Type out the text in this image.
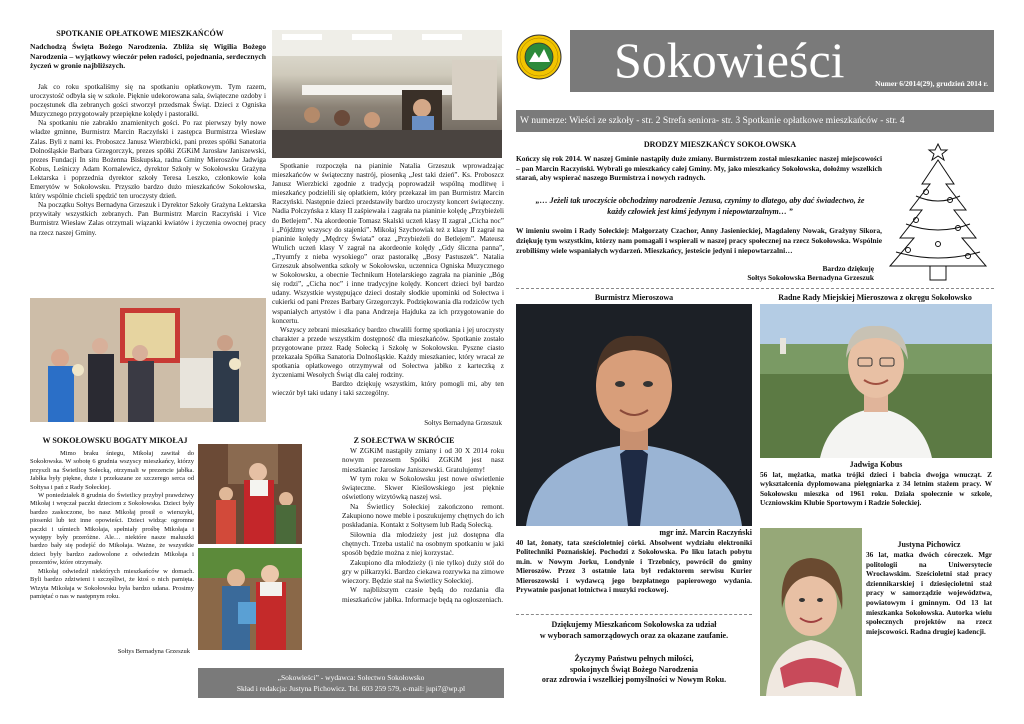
SPOTKANIE OPŁATKOWE MIESZKAŃCÓW
Nadchodzą Święta Bożego Narodzenia. Zbliża się Wigilia Bożego Narodzenia – wyjątkowy wieczór pełen radości, pojednania, serdecznych życzeń w gronie najbliższych.

Jak co roku spotkaliśmy się na spotkaniu opłatkowym. Tym razem, uroczystość odbyła się w szkole. Pięknie udekorowana sala, świąteczne ozdoby i poczęstunek dla zebranych gości stworzył przedsmak Świąt. Dzieci z Ogniska Muzycznego przygotowały przepiękne kolędy i pastorałki.

Na spotkaniu nie zabrakło znamienitych gości. Po raz pierwszy były nowe władze gminne, Burmistrz Marcin Raczyński i zastępca Burmistrza Wiesław Zalas. Byli z nami ks. Proboszcz Janusz Wierzbicki, pani prezes spółki Sanatoria Dolnośląskie Barbara Grzegorczyk, prezes spółki ZGKiM Jarosław Janiszewski, prezes Fundacji In situ Bożenna Biskupska, radna Gminy Mieroszów Jadwiga Kobus, Leśniczy Adam Kornalewicz, dyrektor Szkoły w Sokołowsku Grażyna Lektarska i poprzednia dyrektor szkoły Teresa Leszko, członkowie koła Emerytów w Sokołowsku. Przyszło bardzo dużo mieszkańców Sokołowska, który wspólnie chcieli spędzić ten uroczysty dzień.

Na początku Sołtys Bernadyna Grzeszuk i Dyrektor Szkoły Grażyna Lektarska przywitały wszystkich zebranych. Pan Burmistrz Marcin Raczyński i Vice Burmistrz Wiesław Zalas otrzymali wiązanki kwiatów i życzenia owocnej pracy na rzecz naszej Gminy.

Spotkanie rozpoczęła na pianinie Natalia Grzeszuk wprowadzając mieszkańców w świąteczny nastrój, piosenką „Jest taki dzień”. Ks. Proboszcz Janusz Wierzbicki zgodnie z tradycją poprowadził wspólną modlitwę i mieszkańcy podzielili się opłatkiem, który przekazał im pan Burmistrz Marcin Raczyński. Następnie dzieci przedstawiły bardzo uroczysty koncert świąteczny. Nadia Połczyńska z klasy II zaśpiewała i zagrała na pianinie kolędę „Przybieżeli do Betlejem”. Na akordeonie Tomasz Skalski uczeń klasy II zagrał „Cicha noc” i „Pójdźmy wszyscy do stajenki”. Mikołaj Szychowiak też z klasy II zagrał na pianinie kolędy „Mędrcy Świata” oraz „Przybieżeli do Betlejem”. Mateusz Wtulich uczeń klasy V zagrał na akordeonie kolędy „Gdy śliczna panna”, „Tryumfy z nieba wysokiego” oraz pastorałkę „Bosy Pastuszek”. Natalia Grzeszuk absolwentka szkoły w Sokołowsku, uczennica Ogniska Muzycznego w Sokołowsku, a obecnie Technikum Hotelarskiego zagrała na pianinie „Bóg się rodzi”, „Cicha noc” i inne tradycyjne kolędy. Koncert dzieci był bardzo udany. Wszystkie występujące dzieci dostały słodkie upominki od Sołectwa i cukierki od pani Prezes Barbary Grzegorczyk. Podziękowania dla rodziców tych wspaniałych artystów i dla pana Andrzeja Hajduka za ich przygotowanie do koncertu.

Wszyscy zebrani mieszkańcy bardzo chwalili formę spotkania i jej uroczysty charakter a przede wszystkim dostępność dla mieszkańców. Spotkanie zostało przygotowane przez Radę Sołecką i Szkołę w Sokołowsku. Pyszne ciasto przekazała Spółka Sanatoria Dolnośląskie. Każdy mieszkaniec, który wracał ze spotkania opłatkowego otrzymywał od Sołectwa jabłko z karteczką z życzeniami Wesołych Świąt dla całej rodziny.

Bardzo dziękuję wszystkim, który pomogli mi, aby ten wieczór był taki udany i taki szczególny.

Sołtys Bernadyna Grzeszuk
W SOKOŁOWSKU BOGATY MIKOŁAJ

Mimo braku śniegu, Mikołaj zawitał do Sokołowska. W sobotę 6 grudnia wszyscy mieszkańcy, którzy przyszli na Świetlicę Sołecką, otrzymali w prezencie jabłka. Jabłka były piękne, duże i przekazane ze szczerego serca od Sołtysa i pań z Rady Sołeckiej.

W poniedziałek 8 grudnia do Świetlicy przybył prawdziwy Mikołaj i wręczał paczki dzieciom z Sokołowska. Dzieci były bardzo zaskoczone, bo nasz Mikołaj prosił o wierszyki, piosenki lub też inne opowieści. Dzieci widząc ogromne paczki i uśmiech Mikołaja, spełniały prośbę Mikołaja i występy były przeróżne. Ale… niektóre nasze maluszki bardzo bały się podejść do Mikołaja. Ważne, że wszystkie dzieci były bardzo zadowolone z odwiedzin Mikołaja i prezentów, które otrzymały.

Mikołaj odwiedził niektórych mieszkańców w domach. Byli bardzo zdziwieni i szczęśliwi, że ktoś o nich pamięta. Wizyta Mikołaja w Sokołowsku była bardzo udana. Prosimy pamiętać o nas w następnym roku.

Sołtys Bernadyna Grzeszuk
Z SOŁECTWA W SKRÓCIE

W ZGKiM nastąpiły zmiany i od 30 X 2014 roku nowym prezesem Spółki ZGKiM jest nasz mieszkaniec Jarosław Janiszewski. Gratulujemy!

W tym roku w Sokołowsku jest nowe oświetlenie świąteczne. Skwer Kieślowskiego jest pięknie oświetlony wizytówką naszej wsi.

Na Świetlicy Sołeckiej zakończono remont. Zakupiono nowe meble i poszukujemy chętnych do ich poskładania. Kontakt z Sołtysem lub Radą Sołecką.

Siłownia dla młodzieży jest już dostępna dla chętnych. Trzeba ustalić na osobnym spotkaniu w jaki sposób będzie można z niej korzystać.

Zakupiono dla młodzieży (i nie tylko) duży stół do gry w piłkarzyki. Bardzo ciekawa rozrywka na zimowe wieczory. Będzie stał na Świetlicy Sołeckiej.

W najbliższym czasie będą do rozdania dla mieszkańców jabłka. Informacje będą na ogłoszeniach.

„Sokowieści” - wydawca: Sołectwo Sokołowsko
Skład i redakcja: Justyna Pichowicz. Tel. 603 259 579, e-mail: jupi7@wp.pl
Sokowieści	Numer 6/2014(29), grudzień 2014 r.
W numerze: Wieści ze szkoły - str. 2 Strefa seniora- str. 3 Spotkanie opłatkowe mieszkańców - str. 4
DRODZY MIESZKAŃCY SOKOŁOWSKA
Kończy się rok 2014. W naszej Gminie nastąpiły duże zmiany. Burmistrzem został mieszkaniec naszej miejscowości – pan Marcin Raczyński. Wybrali go mieszkańcy całej Gminy. My, jako mieszkańcy Sokołowska, dołożmy wszelkich starań, aby wspierać naszego Burmistrza i nowych radnych.
„… Jeżeli tak uroczyście obchodzimy narodzenie Jezusa, czynimy to dlatego, aby dać świadectwo, że każdy człowiek jest kimś jedynym i niepowtarzalnym… ”
W imieniu swoim i Rady Sołeckiej: Małgorzaty Czachor, Anny Jasienieckiej, Magdaleny Nowak, Grażyny Sikora, dziękuję tym wszystkim, którzy nam pomagali i wspierali w naszej pracy społecznej na rzecz Sokołowska. Wspólnie zrobiliśmy wiele wspaniałych wydarzeń. Mieszkańcy, jesteście jedyni i niepowtarzalni…
Bardzo dziękuję
Sołtys Sokołowska Bernadyna Grzeszuk
Burmistrz Mieroszowa
mgr inż. Marcin Raczyński
40 lat, żonaty, tata sześcioletniej córki. Absolwent wydziału elektroniki Politechniki Poznańskiej. Pochodzi z Sokołowska. Po liku latach pobytu m.in. w Nowym Jorku, Londynie i Trzebnicy, powrócił do gminy Mieroszów. Przez 3 ostatnie lata był redaktorem serwisu Kurier Mieroszowski i wydawcą jego bezpłatnego papierowego wydania. Prywatnie pasjonat lotnictwa i muzyki rockowej.
Dziękujemy Mieszkańcom Sokołowska za udział
w wyborach samorządowych oraz za okazane zaufanie.
Życzymy Państwu pełnych miłości,
spokojnych Świąt Bożego Narodzenia
oraz zdrowia i wszelkiej pomyślności w Nowym Roku.
Radne Rady Miejskiej Mieroszowa z okręgu Sokołowsko
Jadwiga Kobus
56 lat, mężatka, matka trójki dzieci i babcia dwojga wnucząt. Z wykształcenia dyplomowana pielęgniarka z 34 letnim stażem pracy. W Sokołowsku mieszka od 1961 roku. Działa społecznie w szkole, Uczniowskim Klubie Sportowym i Radzie Sołeckiej.
Justyna Pichowicz
36 lat, matka dwóch córeczek. Mgr politologii na Uniwersytecie Wrocławskim. Sześcioletni staż pracy dziennikarskiej i dziesięcioletni staż pracy w samorządzie województwa, powiatowym i gminnym. Od 13 lat mieszkanka Sokołowska. Autorka wielu społecznych projektów na rzecz miejscowości. Radna drugiej kadencji.
